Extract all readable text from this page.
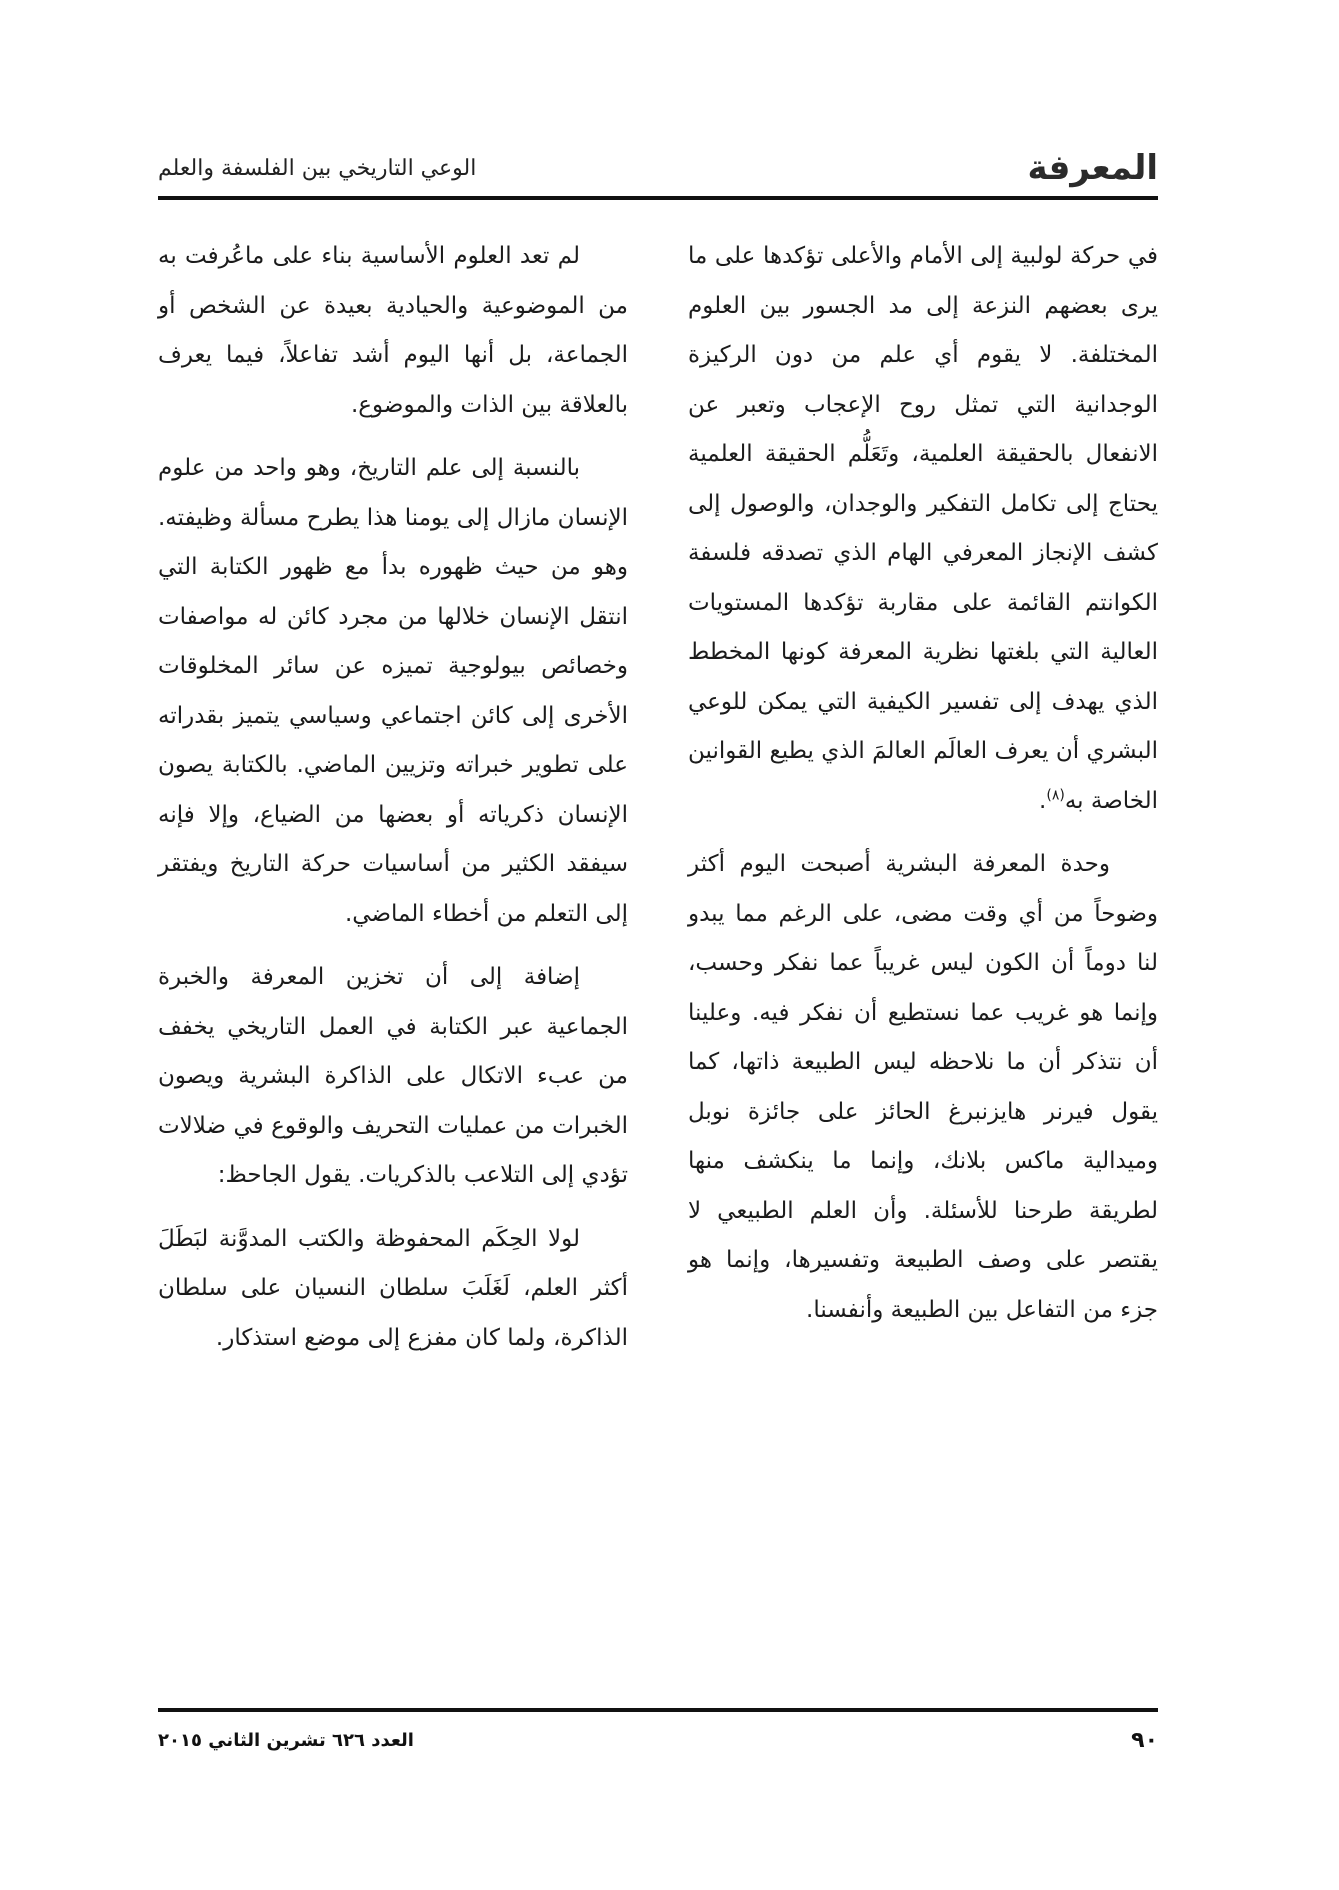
المعرفة
الوعي التاريخي بين الفلسفة والعلم

في حركة لولبية إلى الأمام والأعلى تؤكدها على ما يرى بعضهم النزعة إلى مد الجسور بين العلوم المختلفة. لا يقوم أي علم من دون الركيزة الوجدانية التي تمثل روح الإعجاب وتعبر عن الانفعال بالحقيقة العلمية، وتَعَلُّم الحقيقة العلمية يحتاج إلى تكامل التفكير والوجدان، والوصول إلى كشف الإنجاز المعرفي الهام الذي تصدقه فلسفة الكوانتم القائمة على مقاربة تؤكدها المستويات العالية التي بلغتها نظرية المعرفة كونها المخطط الذي يهدف إلى تفسير الكيفية التي يمكن للوعي البشري أن يعرف العالَم العالمَ الذي يطيع القوانين الخاصة به$^{(٨)}$.

وحدة المعرفة البشرية أصبحت اليوم أكثر وضوحاً من أي وقت مضى، على الرغم مما يبدو لنا دوماً أن الكون ليس غريباً عما نفكر وحسب، وإنما هو غريب عما نستطيع أن نفكر فيه. وعلينا أن نتذكر أن ما نلاحظه ليس الطبيعة ذاتها، كما يقول فيرنر هايزنبرغ الحائز على جائزة نوبل وميدالية ماكس بلانك، وإنما ما ينكشف منها لطريقة طرحنا للأسئلة. وأن العلم الطبيعي لا يقتصر على وصف الطبيعة وتفسيرها، وإنما هو جزء من التفاعل بين الطبيعة وأنفسنا.

لم تعد العلوم الأساسية بناء على ماعُرفت به من الموضوعية والحيادية بعيدة عن الشخص أو الجماعة، بل أنها اليوم أشد تفاعلاً، فيما يعرف بالعلاقة بين الذات والموضوع.

بالنسبة إلى علم التاريخ، وهو واحد من علوم الإنسان مازال إلى يومنا هذا يطرح مسألة وظيفته. وهو من حيث ظهوره بدأ مع ظهور الكتابة التي انتقل الإنسان خلالها من مجرد كائن له مواصفات وخصائص بيولوجية تميزه عن سائر المخلوقات الأخرى إلى كائن اجتماعي وسياسي يتميز بقدراته على تطوير خبراته وتزيين الماضي. بالكتابة يصون الإنسان ذكرياته أو بعضها من الضياع، وإلا فإنه سيفقد الكثير من أساسيات حركة التاريخ ويفتقر إلى التعلم من أخطاء الماضي.

إضافة إلى أن تخزين المعرفة والخبرة الجماعية عبر الكتابة في العمل التاريخي يخفف من عبء الاتكال على الذاكرة البشرية ويصون الخبرات من عمليات التحريف والوقوع في ضلالات تؤدي إلى التلاعب بالذكريات. يقول الجاحظ:

لولا الحِكَم المحفوظة والكتب المدوَّنة لبَطَلَ أكثر العلم، لَغَلَبَ سلطان النسيان على سلطان الذاكرة، ولما كان مفزع إلى موضع استذكار.

٩٠
العدد ٦٢٦ تشرين الثاني ٢٠١٥
